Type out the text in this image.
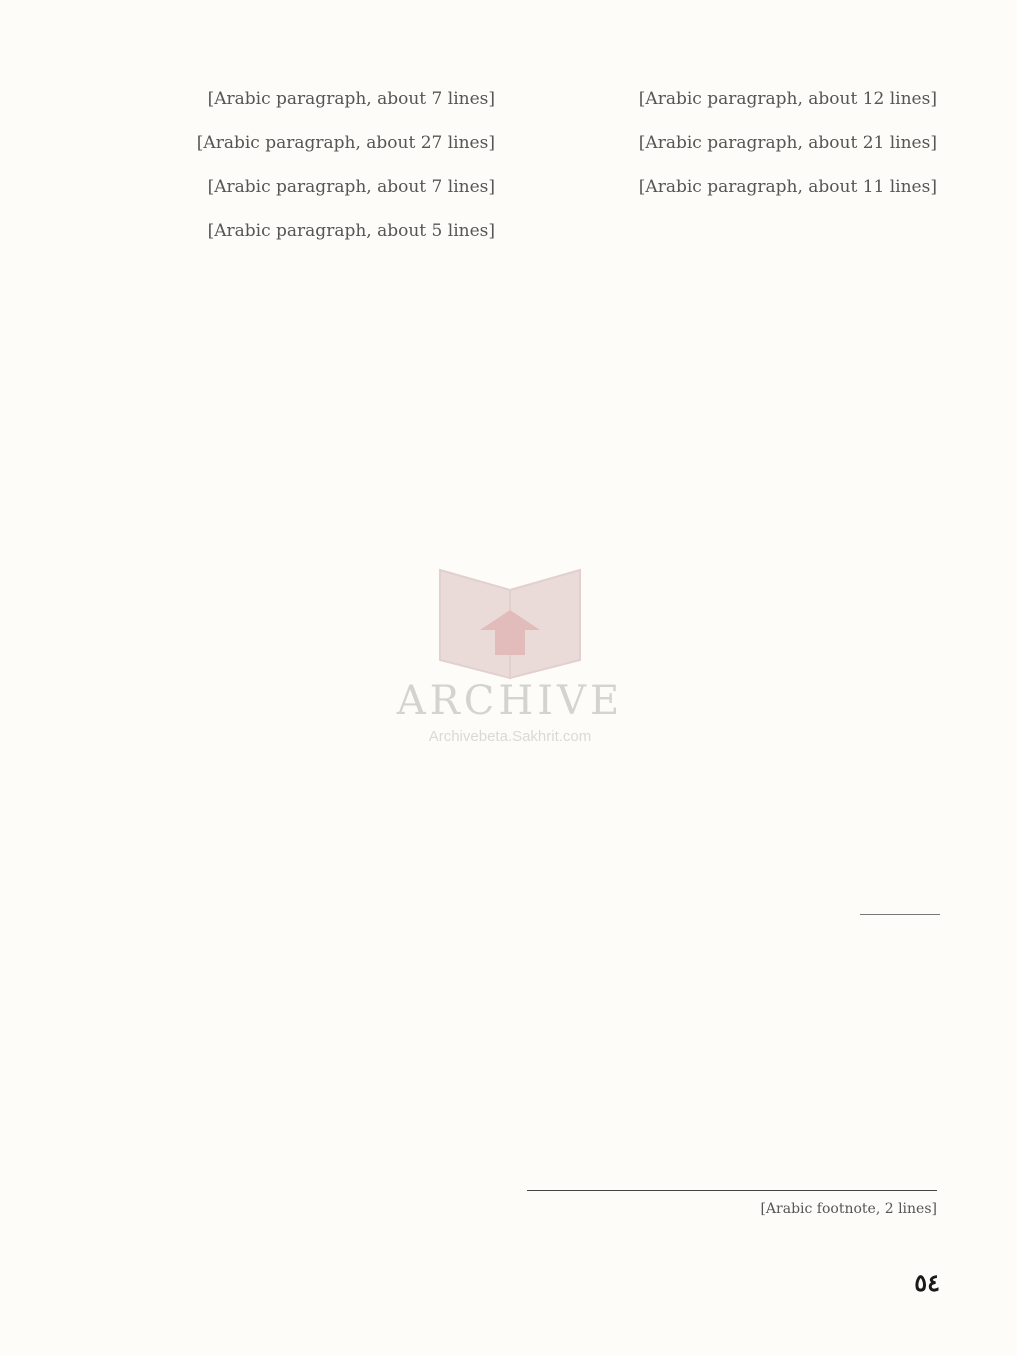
[Arabic paragraph, about 12 lines]

[Arabic paragraph, about 21 lines]

[Arabic paragraph, about 11 lines]

[Arabic paragraph, about 7 lines]

[Arabic paragraph, about 27 lines]

[Arabic paragraph, about 7 lines]

[Arabic paragraph, about 5 lines]

[Arabic footnote, 2 lines]
٥٤
ARCHIVE
Archivebeta.Sakhrit.com
